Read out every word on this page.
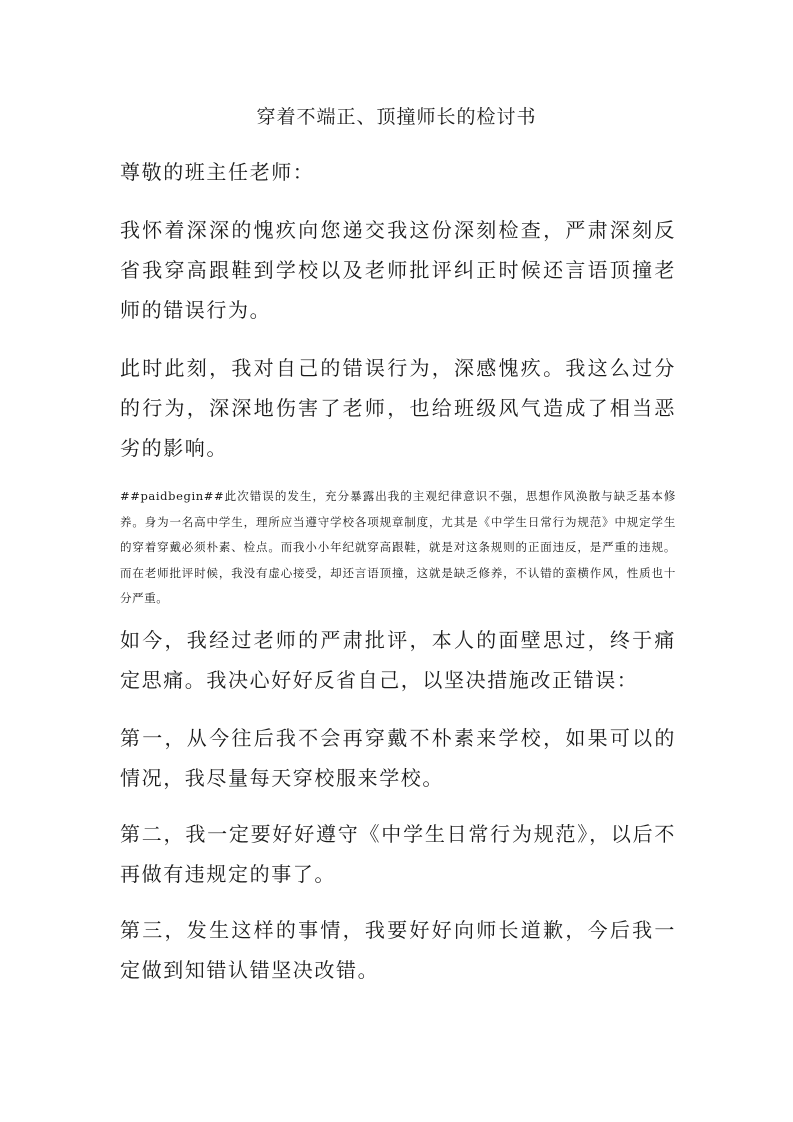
穿着不端正、顶撞师长的检讨书

尊敬的班主任老师：

我怀着深深的愧疚向您递交我这份深刻检查，严肃深刻反省我穿高跟鞋到学校以及老师批评纠正时候还言语顶撞老师的错误行为。

此时此刻，我对自己的错误行为，深感愧疚。我这么过分的行为，深深地伤害了老师，也给班级风气造成了相当恶劣的影响。

##paidbegin##此次错误的发生，充分暴露出我的主观纪律意识不强，思想作风涣散与缺乏基本修养。身为一名高中学生，理所应当遵守学校各项规章制度，尤其是《中学生日常行为规范》中规定学生的穿着穿戴必须朴素、检点。而我小小年纪就穿高跟鞋，就是对这条规则的正面违反，是严重的违规。而在老师批评时候，我没有虚心接受，却还言语顶撞，这就是缺乏修养，不认错的蛮横作风，性质也十分严重。

如今，我经过老师的严肃批评，本人的面壁思过，终于痛定思痛。我决心好好反省自己，以坚决措施改正错误：

第一，从今往后我不会再穿戴不朴素来学校，如果可以的情况，我尽量每天穿校服来学校。

第二，我一定要好好遵守《中学生日常行为规范》，以后不再做有违规定的事了。

第三，发生这样的事情，我要好好向师长道歉，今后我一定做到知错认错坚决改错。
